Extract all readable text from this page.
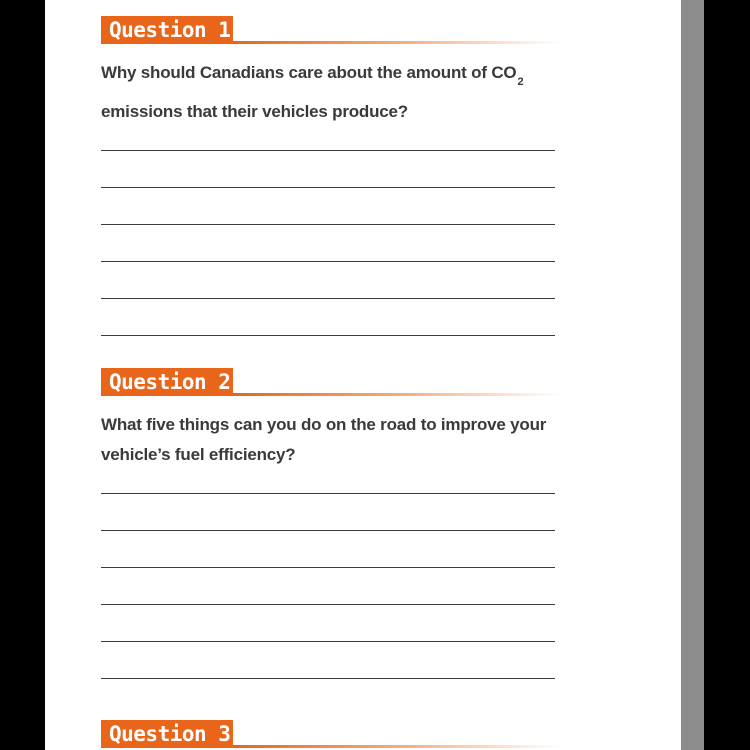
Question 1
Why should Canadians care about the amount of $CO_2$ emissions that their vehicles produce?
Question 2
What five things can you do on the road to improve your vehicle’s fuel efficiency?
Question 3
